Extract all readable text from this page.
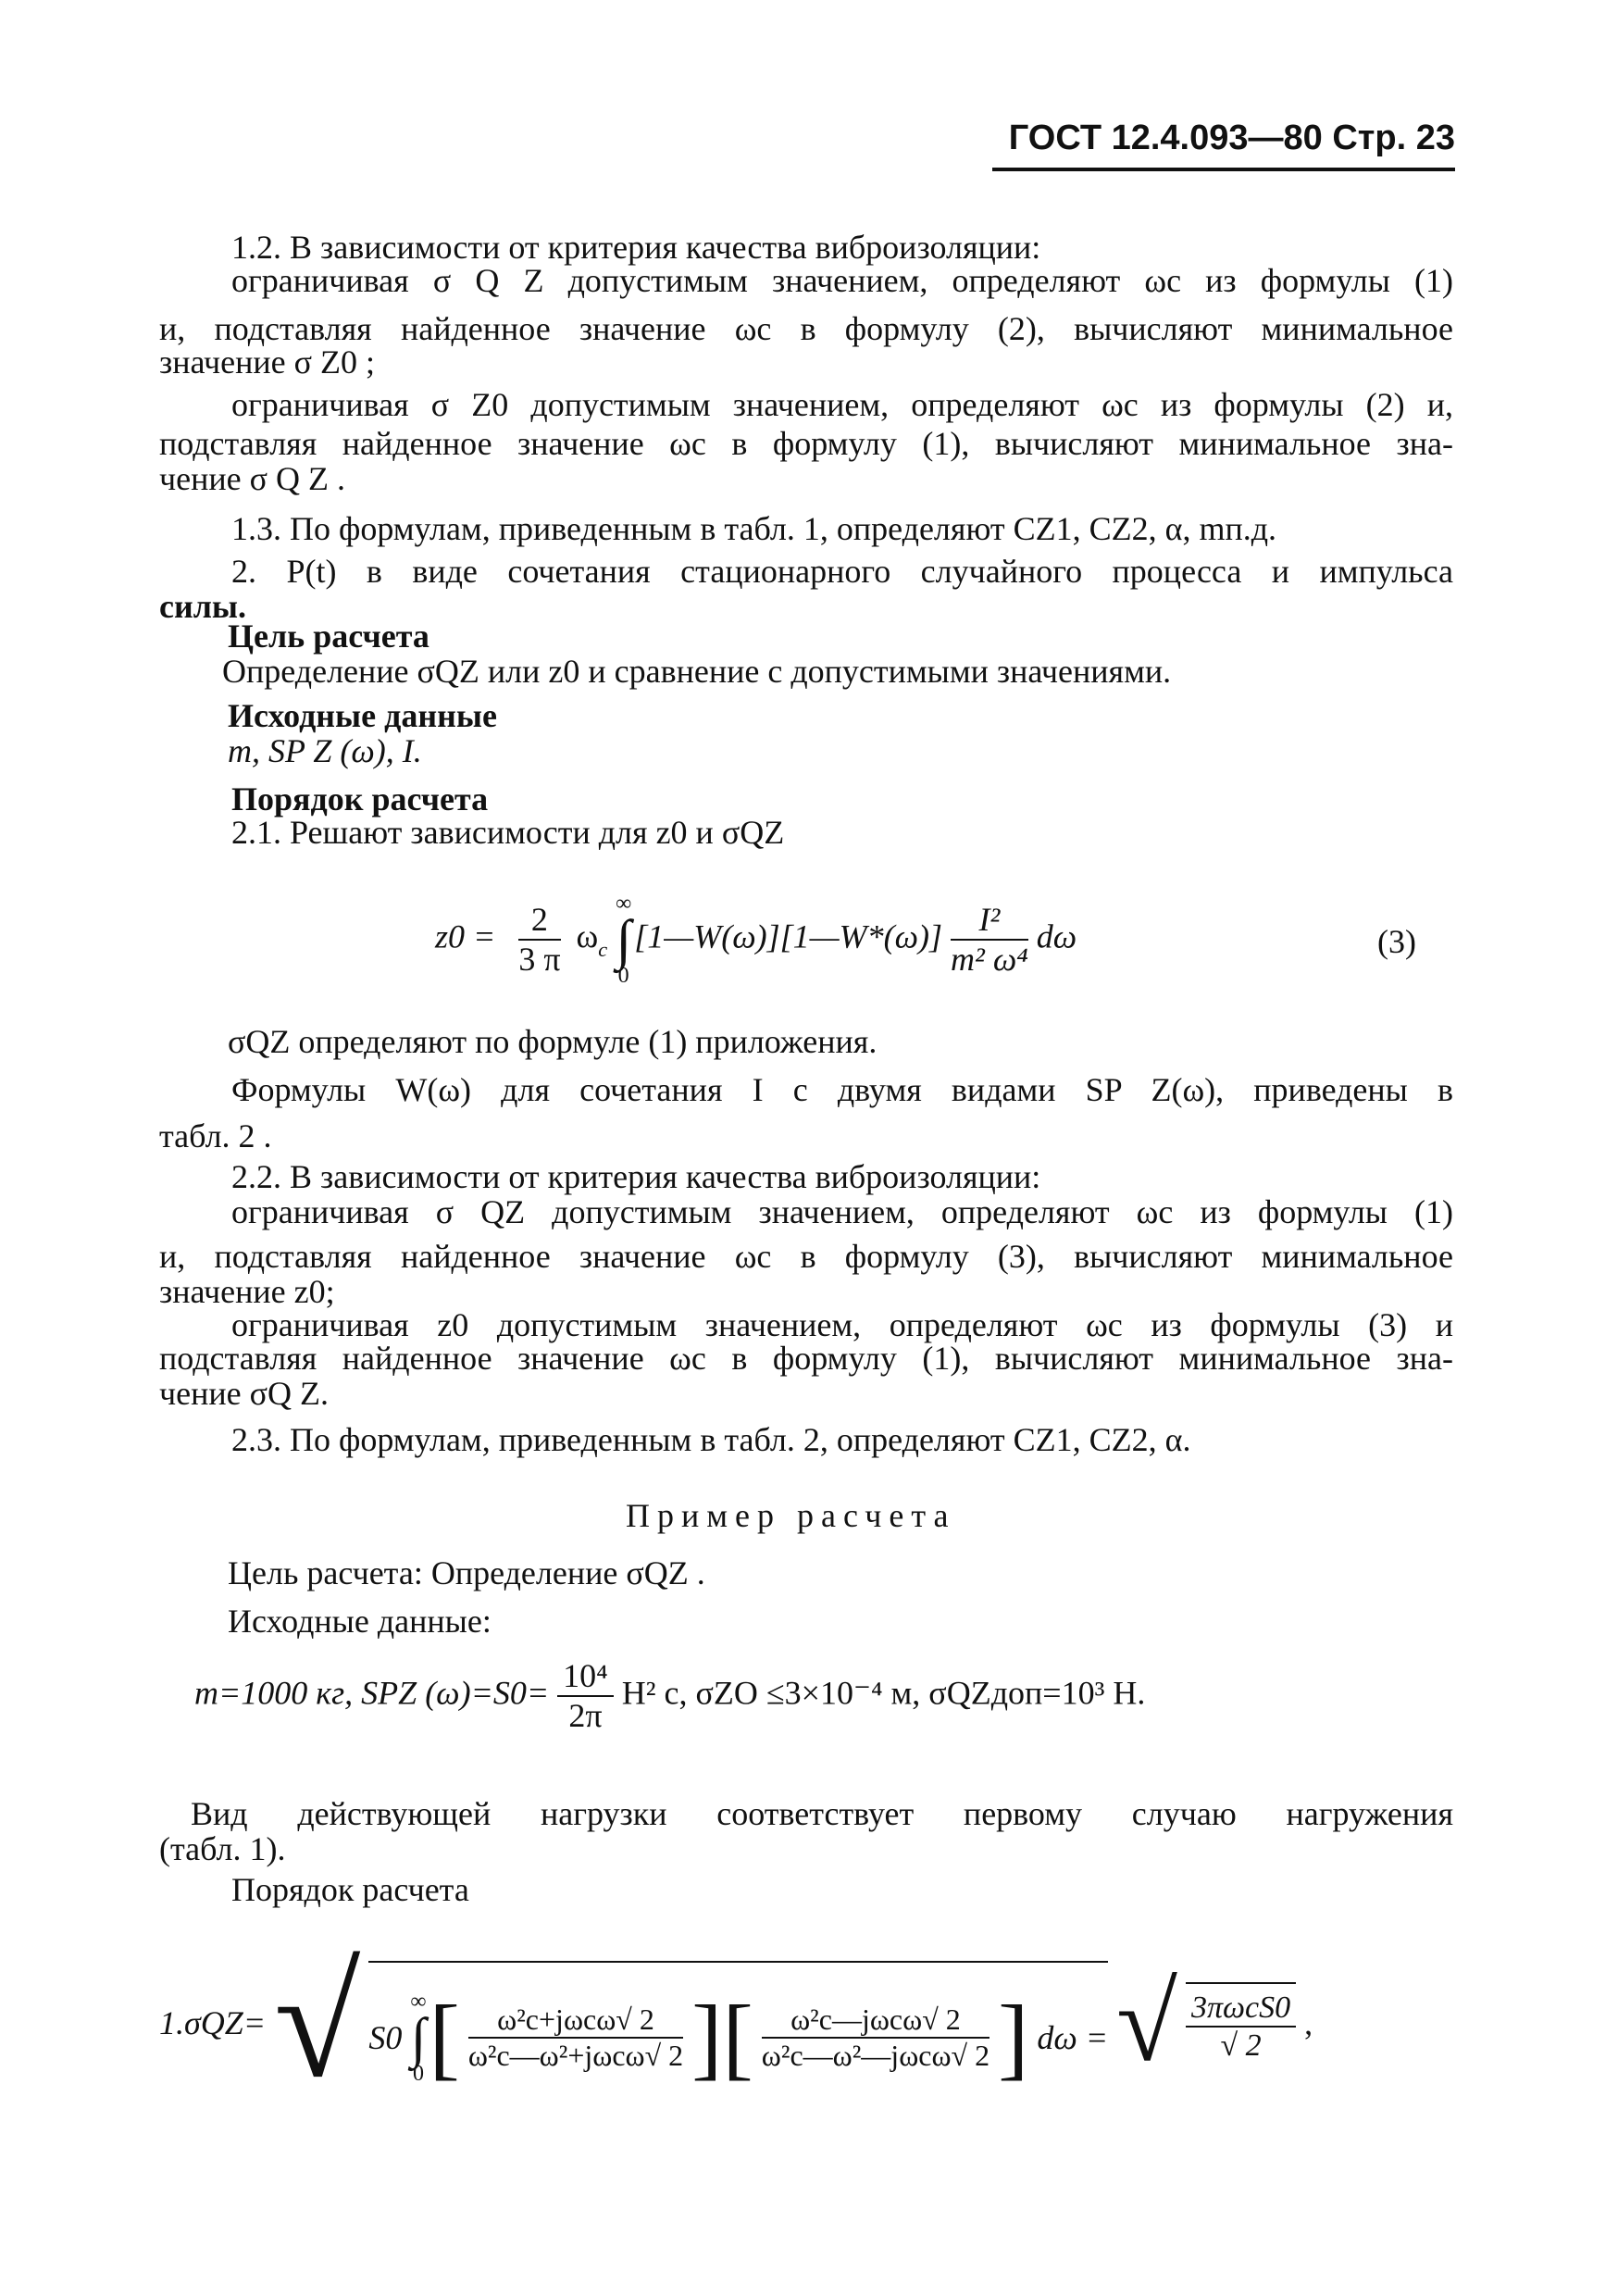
ГОСТ 12.4.093—80 Стр. 23
1.2. В зависимости от критерия качества виброизоляции:
ограничивая σ Q Z допустимым значением, определяют ωc из формулы (1)
и, подставляя найденное значение ωc в формулу (2), вычисляют минимальное
значение σ Z0 ;
ограничивая σ Z0 допустимым значением, определяют ωc из формулы (2) и,
подставляя найденное значение ωc в формулу (1), вычисляют минимальное зна-
чение σ Q Z .
1.3. По формулам, приведенным в табл. 1, определяют CZ1, CZ2, α, mп.д.
2. P(t) в виде сочетания стационарного случайного процесса и импульса
силы.
Цель расчета
Определение σQZ или z0 и сравнение с допустимыми значениями.
Исходные данные
m, SP Z (ω), I.
Порядок расчета
2.1. Решают зависимости для z0 и σQZ
$z0 = \frac{2}{3 \pi} \omega_c$
∞
∫
0
[1—W(ω)][1—W*(ω)] $\frac{\text{I²}}{\text{m² ω⁴}}$ dω	(3)
σQZ определяют по формуле (1) приложения.
Формулы W(ω) для сочетания I с двумя видами SP Z(ω), приведены в
табл. 2 .
2.2. В зависимости от критерия качества виброизоляции:
ограничивая σ QZ допустимым значением, определяют ωc из формулы (1)
и, подставляя найденное значение ωc в формулу (3), вычисляют минимальное
значение z0;
ограничивая z0 допустимым значением, определяют ωc из формулы (3) и
подставляя найденное значение ωc в формулу (1), вычисляют минимальное зна-
чение σQ Z.
2.3. По формулам, приведенным в табл. 2, определяют CZ1, CZ2, α.
Пример расчета
Цель расчета: Определение σQZ .
Исходные данные:
m=1000 кг, SPZ $(\omega)=S0= \frac{\text{10⁴}}{2\pi} Н^2$ с, σZO ≤3×10⁻⁴ м, σQZдоп=10³ Н.
Вид действующей нагрузки соответствует первому случаю нагружения
(табл. 1).
Порядок расчета
1.σQZ= √ S0
∞
∫
0 [ $\frac{\text{ω²c+jωcω√ 2}}{\text{ω²c—ω²+jωcω√ 2}}$ ][ $\frac{\text{ω²c—jωcω√ 2}}{\text{ω²c—ω²—jωcω√ 2}}$ ] dω = √ $\frac{\text{3πωcS0}}{√ 2}$ ,
